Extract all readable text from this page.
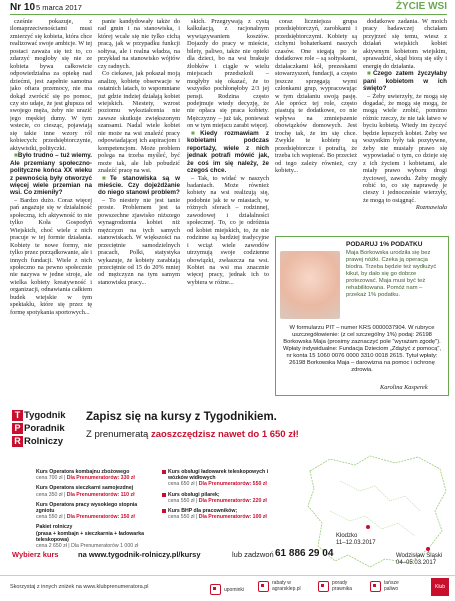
Nr 10 5 marca 2017	ŻYCIE WSI

cześnie pokazuje, z ilomaprzeciwnościami musi zmierzyć się kobieta, która chce realizować swoje ambicje. W tej postaci zaważa się też to, co zdarzyć mogłoby się nie ze kobieta bywa całkowicie odpowiedzialna za opiekę nad dziećmi, jest zapełnie samotna jako ofiara przemocy, nie ma dokąd zwrócić się po pomoc, czy sto udaje, że jest głupsza od swojego męża, żeby nie urazić jego męskiej dumy. W tym wstecie, co ciesząc, pojawiają się takie inne wzory ról kobiecych: przedsiębiorczynie, aktywistki, polityczki.

■ Było trudno – tuż wiemy. Ale przemiany społeczno-polityczne końca XX wieku z pewnością były otworzyć więcej wiele przemian na wsi. Co zmieniły?

– Bardzo dużo. Coraz więcej pań angażuje się w działalność społeczną, ich aktywność to nie tylko Koła Gospodyń Wiejskich, choć wiele z nich pracuje w tej formie działania. Kobiety te nowe formy, nie tylko przez porządkowanie, ale i innych fundacji. Wiele z nich społeczno na pewno społecznie nie nazywa w jedne stroje, ale wielka kobiety kreatywność i organizacji, odnawiania całkiem budek wiejskie w tym spektaklu, które się przez tę formę spotykania sportowych...

panie kandydowały także do rad gmin i na stanowiska, i której wcale się nie tylko cichą pracą, jak w przypadku funkcji sołtysa, ale i realna władza, na przykład na stanowisko wójtów czy radnych.

Co ciekawe, jak pokazał moją analizę, kobietę obserwacje w ostatnich latach, to wspomniane już gdzie indziej działają kobiet wiejskich. Niestety, wzrost poziomu wykształcenia nie zawsze skutkuje zwiększonym szansami. Nadal wiele kobiet nie może na wsi znaleźć pracy odpowiadającej ich aspiracjom i kompetencjom. Może problem polega na trzeba myśleć, być może tak, ale lub pobudzić znaleźć pracę na wsi.

■ Te stanowiska są w mieście. Czy dojeżdżanie do niego stanowi problem?

– To niestety nie jest tanie proste. Problemem jest ta powszechne zjawisko niższego wynagrodzenia kobiet niż mężczyzn na tych samych stanowiskach. W większości na przeciętnie samodzielnych pracach, Polki, statystyka wykazuje, że kobiety zarabiają przeciętnie od 15 do 20% mniej od mężczyzn na tym samym stanowisku pracy...

skich. Przegrywają z cystą kalkulacją, z racjonalnym wywiązywaniem kosztów. Dojazdy do pracy w mieście, bilety, paliwo, także nie opieki dla dzieci, bo na wsi brakuje żłobków i ciągle w wielu miejscach przedszkoli – mogłyby się okazać, że to wszystko pochłonęłoby 2/3 jej pensji. Rodzina często podejmuje wtedy decyzję, że nie opłaca się praca kobiety. Mężczyzny – już tak, ponieważ on w tym miejscu zarabi więcej.

■ Kiedy rozmawiam z kobietami podczas reportaży, wiele z nich jednak potrafi mówić jak, że coś im się należy, że czegoś chce.

– Tak, to widać w naszych badaniach. Może również kobiety na wsi realizują się, podobnie jak te w miastach, w różnych sferach – rodzinnej, zawodowej i działalności społecznej. To, co je odróżnia od kobiet miejskich, to, że nie rodzinne są bardziej tradycyjne i wciąż wiele zawodów utrzymują swoje codzienne obowiązki, zwłaszcza na wsi. Kobiet na wsi ma znacznie więcej pracy, jednak ich to wybiera w różne...

coraz liczniejsza grupa przedsiębiorczyń, zarobkami i przedsiębiorczymi. Kobiety są cichymi bohaterkami naszych czasów. One siegają po te dodatkowe role – są sołtyskami, działaczkami kół, prezeskami stowarzyszeń, fundacji, a często jeszcze sprzęgają wymi członkami grup, wypracowując w tym działaniu swoją pasję. Ale oprócz tej role, często piastują te dodatkowe, co nie wpływa na zmniejszenie obowiązków domowych. Jest trochę tak, że im się chce. Zwykle te kobiety są przedsiębiorcze i potrafią, że trzeba ich wspierać. Bo przecież od tego zależy również, czy kobiety...

dodatkowe zadania. W moich pracy badawczej chciałam przyjrzeć się temu, wiesz z działań wiejskich kobiet aktywnym kobietom wiejskim, sprawadzić, skąd biorą się siły i energię do działania.

■ Czego zatem życzyłaby pani kobietom w ich święto?

– Żeby uwierzyły, że mogą się dogadać, że mogą się mogą, że mogą wiele zrobić, pomimo różnic rzeczy, że nie tak łatwo w byciu kobietą. Wtedy im życzyć będzie lepszych kobiet. Żeby we wszystkim były tak pozytywne, żeby nie musiały prawo się wypowiadać o tym, co dzieje się z ich życiem i kobietami, ale miały prawo wyboru drogi życiowej, zawodu. Żeby mogły robić to, co się naprawdę je cieszy i jednocześnie wierzyły, że mogą to osiągnąć.

Rozmawiała

PODARUJ 1% PODATKU
Maja Borkowska urodziła się bez prawej nóżki. Czeka ją operacja biodra. Trzeba będzie też wydłużyć kikut, by dało się go dobrze protezować. Maja musi być też rehabilitowana. Pomóż nam – przekaż 1% podatku.
W formularzu PIT – numer KRS 0000037904. W rubryce uszczegółowienie: (z cel szczególny 1%) podaj: 26198 Borkowska Maja (prosimy zaznaczyć pole "wyrażam zgodę"). Wpłaty indywidualne: Fundacja Dzieciom „Zdążyć z pomocą", nr konta 15 1060 0076 0000 3310 0018 2615. Tytuł wpłaty: 26198 Borkowska Maja – darowizna na pomoc i ochronę zdrowia.
Karolina Kasperek
T Tygodnik
P Poradnik
R Rolniczy
Zapisz się na kursy z Tygodnikiem.
Z prenumeratą zaoszczędzisz nawet do 1 650 zł!
Kurs Operatora kombajnu zbożowego
cena 700 zł | Dla Prenumeratorów: 330 zł
Kurs Operatora sieczkarni samojezdnej
cena 350 zł | Dla Prenumeratorów: 110 zł
Kurs Operatora pracy wysokiego stopnia zgniotu
cena 550 zł | Dla Prenumeratorów: 150 zł
Pakiet rolniczy
(prasa + kombajn + sieczkarnia + ładowarka teleskopowa)
cena 2 650 zł | Dla Prenumeratorów 1 000 zł
Kurs obsługi ładowarek teleskopowych i wózków widłowych
cena 650 zł | Dla Prenumeratorów: 550 zł
Kurs obsługi pilarek;
cena 550 zł | Dla Prenumeratorów: 220 zł
Kurs BHP dla pracowników;
cena 550 zł | Dla Prenumeratorów: 100 zł
Kłodzko
11–12.03.2017
Wodzisław Śląski
04–05.03.2017
Wybierz kurs	na www.tygodnik-rolniczy.pl/kursy	lub zadzwoń 61 886 29 04
Skorzystaj z innych zniżek na www.klubprenumeratora.pl	upominki
rabaty w agrarsklep.pl
porady prawnika
tańsze paliwo	Klub
